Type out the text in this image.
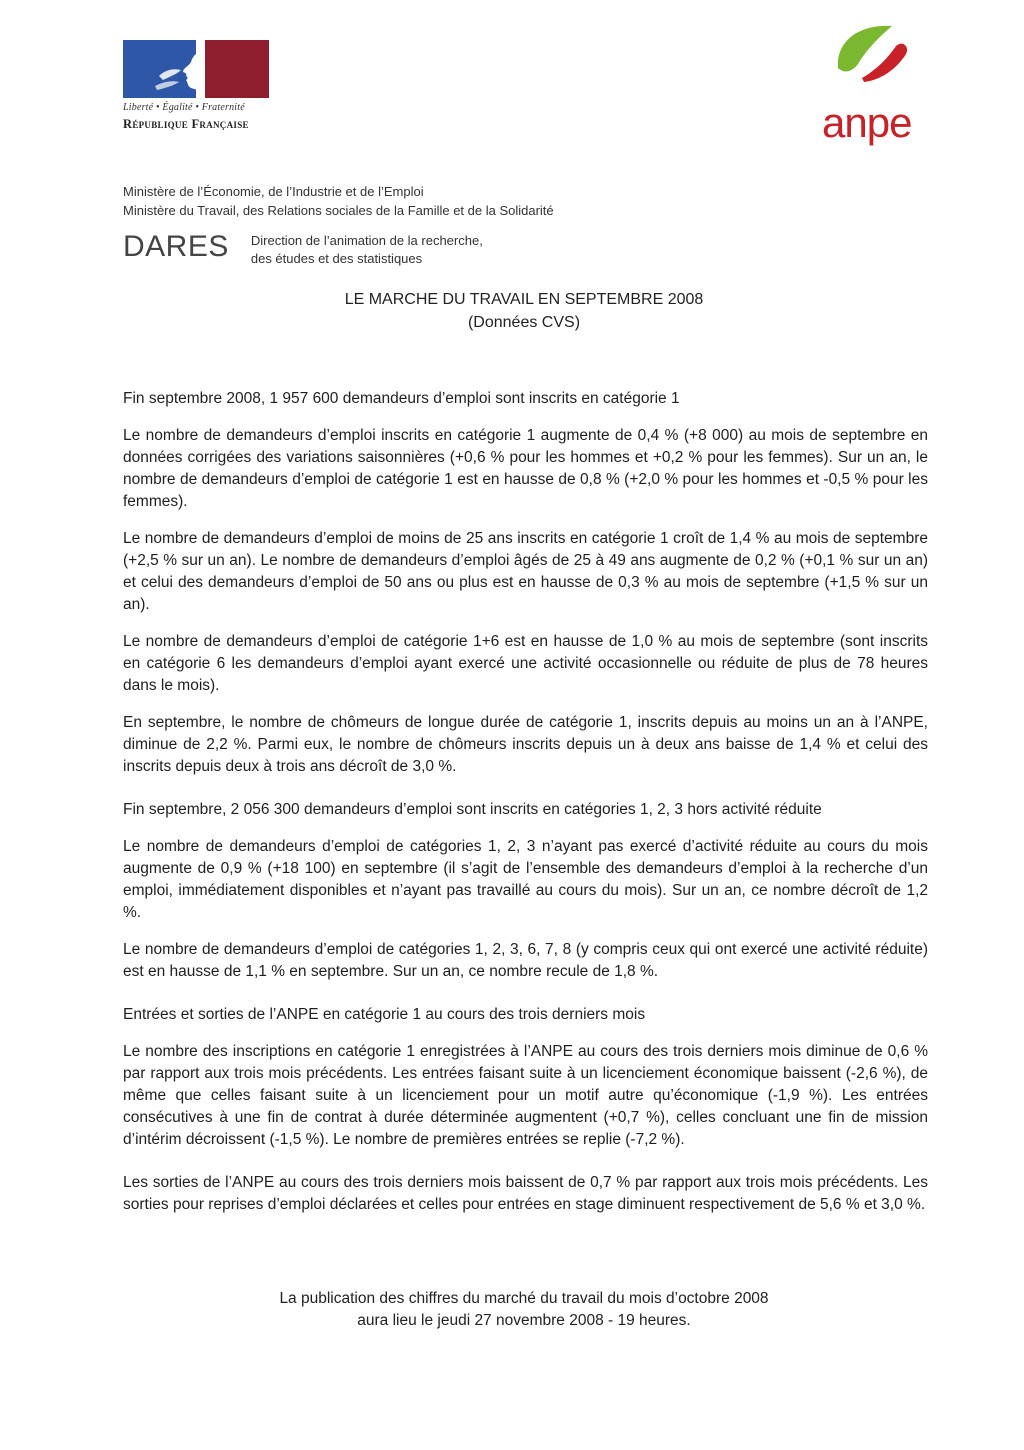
Liberté • Égalité • Fraternité
République Française	anpe
Ministère de l’Économie, de l’Industrie et de l’Emploi
Ministère du Travail, des Relations sociales de la Famille et de la Solidarité
DARES Direction de l’animation de la recherche,
des études et des statistiques
LE MARCHE DU TRAVAIL EN SEPTEMBRE 2008
(Données CVS)

Fin septembre 2008, 1 957 600 demandeurs d’emploi sont inscrits en catégorie 1

Le nombre de demandeurs d’emploi inscrits en catégorie 1 augmente de 0,4 % (+8 000) au mois de septembre en données corrigées des variations saisonnières (+0,6 % pour les hommes et +0,2 % pour les femmes). Sur un an, le nombre de demandeurs d’emploi de catégorie 1 est en hausse de 0,8 % (+2,0 % pour les hommes et -0,5 % pour les femmes).

Le nombre de demandeurs d’emploi de moins de 25 ans inscrits en catégorie 1 croît de 1,4 % au mois de septembre (+2,5 % sur un an). Le nombre de demandeurs d’emploi âgés de 25 à 49 ans augmente de 0,2 % (+0,1 % sur un an) et celui des demandeurs d’emploi de 50 ans ou plus est en hausse de 0,3 % au mois de septembre (+1,5 % sur un an).

Le nombre de demandeurs d’emploi de catégorie 1+6 est en hausse de 1,0 % au mois de septembre (sont inscrits en catégorie 6 les demandeurs d’emploi ayant exercé une activité occasionnelle ou réduite de plus de 78 heures dans le mois).

En septembre, le nombre de chômeurs de longue durée de catégorie 1, inscrits depuis au moins un an à l’ANPE, diminue de 2,2 %. Parmi eux, le nombre de chômeurs inscrits depuis un à deux ans baisse de 1,4 % et celui des inscrits depuis deux à trois ans décroît de 3,0 %.

Fin septembre, 2 056 300 demandeurs d’emploi sont inscrits en catégories 1, 2, 3 hors activité réduite

Le nombre de demandeurs d’emploi de catégories 1, 2, 3 n’ayant pas exercé d’activité réduite au cours du mois augmente de 0,9 % (+18 100) en septembre (il s’agit de l’ensemble des demandeurs d’emploi à la recherche d’un emploi, immédiatement disponibles et n’ayant pas travaillé au cours du mois). Sur un an, ce nombre décroît de 1,2 %.

Le nombre de demandeurs d’emploi de catégories 1, 2, 3, 6, 7, 8 (y compris ceux qui ont exercé une activité réduite) est en hausse de 1,1 % en septembre. Sur un an, ce nombre recule de 1,8 %.

Entrées et sorties de l’ANPE en catégorie 1 au cours des trois derniers mois

Le nombre des inscriptions en catégorie 1 enregistrées à l’ANPE au cours des trois derniers mois diminue de 0,6 % par rapport aux trois mois précédents. Les entrées faisant suite à un licenciement économique baissent (-2,6 %), de même que celles faisant suite à un licenciement pour un motif autre qu’économique (-1,9 %). Les entrées consécutives à une fin de contrat à durée déterminée augmentent (+0,7 %), celles concluant une fin de mission d’intérim décroissent (-1,5 %). Le nombre de premières entrées se replie (-7,2 %).

Les sorties de l’ANPE au cours des trois derniers mois baissent de 0,7 % par rapport aux trois mois précédents. Les sorties pour reprises d’emploi déclarées et celles pour entrées en stage diminuent respectivement de 5,6 % et 3,0 %.

La publication des chiffres du marché du travail du mois d’octobre 2008
aura lieu le jeudi 27 novembre 2008 - 19 heures.
